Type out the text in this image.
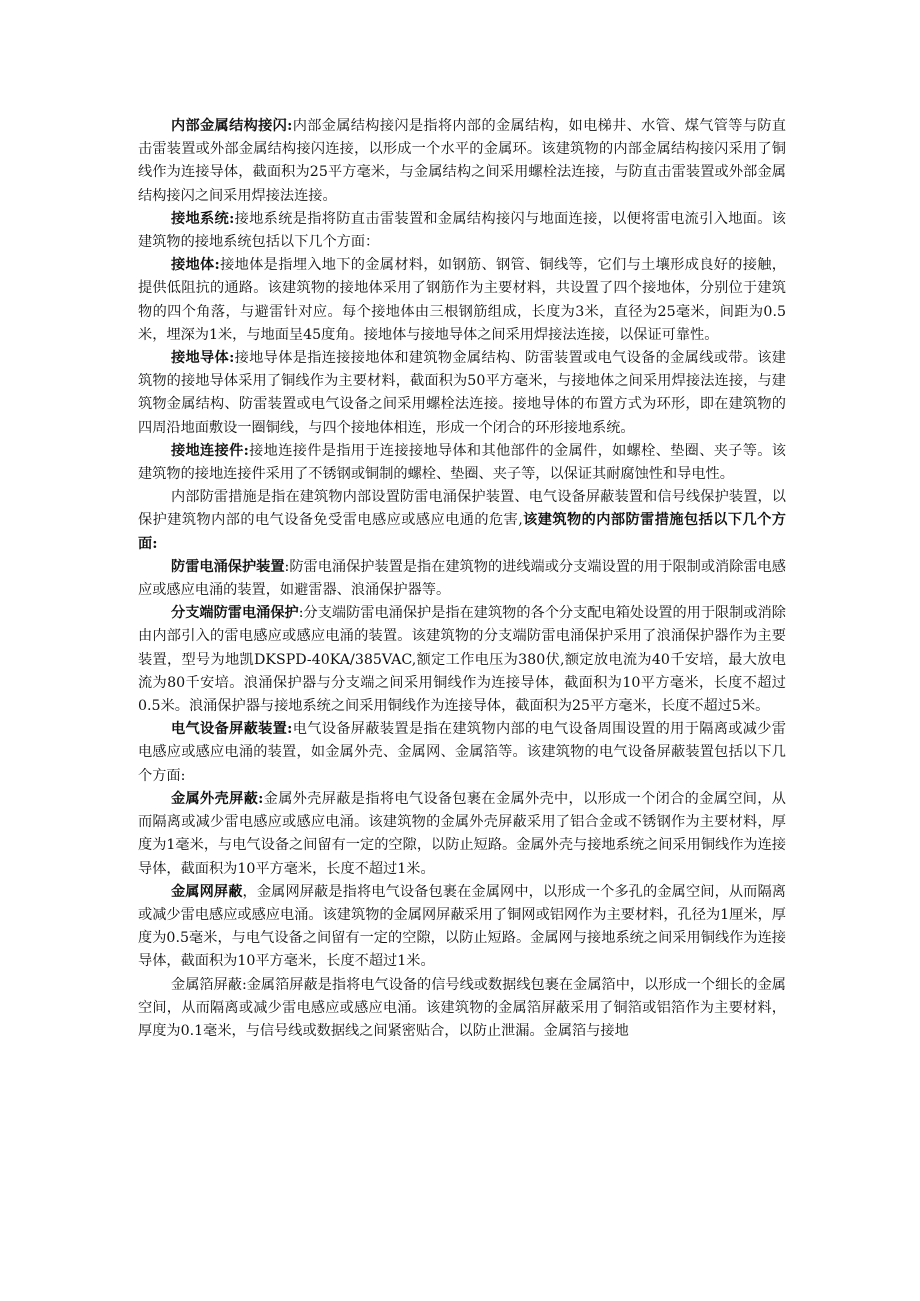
内部金属结构接闪:内部金属结构接闪是指将内部的金属结构，如电梯井、水管、煤气管等与防直击雷装置或外部金属结构接闪连接，以形成一个水平的金属环。该建筑物的内部金属结构接闪采用了铜线作为连接导体，截面积为25平方毫米，与金属结构之间采用螺栓法连接，与防直击雷装置或外部金属结构接闪之间采用焊接法连接。

接地系统:接地系统是指将防直击雷装置和金属结构接闪与地面连接，以便将雷电流引入地面。该建筑物的接地系统包括以下几个方面：

接地体:接地体是指埋入地下的金属材料，如钢筋、钢管、铜线等，它们与土壤形成良好的接触，提供低阻抗的通路。该建筑物的接地体采用了钢筋作为主要材料，共设置了四个接地体，分别位于建筑物的四个角落，与避雷针对应。每个接地体由三根钢筋组成，长度为3米，直径为25毫米，间距为0.5米，埋深为1米，与地面呈45度角。接地体与接地导体之间采用焊接法连接，以保证可靠性。

接地导体:接地导体是指连接接地体和建筑物金属结构、防雷装置或电气设备的金属线或带。该建筑物的接地导体采用了铜线作为主要材料，截面积为50平方毫米，与接地体之间采用焊接法连接，与建筑物金属结构、防雷装置或电气设备之间采用螺栓法连接。接地导体的布置方式为环形，即在建筑物的四周沿地面敷设一圈铜线，与四个接地体相连，形成一个闭合的环形接地系统。

接地连接件:接地连接件是指用于连接接地导体和其他部件的金属件，如螺栓、垫圈、夹子等。该建筑物的接地连接件采用了不锈钢或铜制的螺栓、垫圈、夹子等，以保证其耐腐蚀性和导电性。

内部防雷措施是指在建筑物内部设置防雷电涌保护装置、电气设备屏蔽装置和信号线保护装置，以保护建筑物内部的电气设备免受雷电感应或感应电通的危害,该建筑物的内部防雷措施包括以下几个方面:

防雷电涌保护装置:防雷电涌保护装置是指在建筑物的进线端或分支端设置的用于限制或消除雷电感应或感应电涌的装置，如避雷器、浪涌保护器等。

分支端防雷电涌保护:分支端防雷电涌保护是指在建筑物的各个分支配电箱处设置的用于限制或消除由内部引入的雷电感应或感应电涌的装置。该建筑物的分支端防雷电涌保护采用了浪涌保护器作为主要装置，型号为地凯DKSPD-40KA/385VAC,额定工作电压为380伏,额定放电流为40千安培，最大放电流为80千安培。浪涌保护器与分支端之间采用铜线作为连接导体，截面积为10平方毫米，长度不超过0.5米。浪涌保护器与接地系统之间采用铜线作为连接导体，截面积为25平方毫米，长度不超过5米。

电气设备屏蔽装置:电气设备屏蔽装置是指在建筑物内部的电气设备周围设置的用于隔离或减少雷电感应或感应电涌的装置，如金属外壳、金属网、金属箔等。该建筑物的电气设备屏蔽装置包括以下几个方面:

金属外壳屏蔽:金属外壳屏蔽是指将电气设备包裹在金属外壳中，以形成一个闭合的金属空间，从而隔离或减少雷电感应或感应电涌。该建筑物的金属外壳屏蔽采用了铝合金或不锈钢作为主要材料，厚度为1毫米，与电气设备之间留有一定的空隙，以防止短路。金属外壳与接地系统之间采用铜线作为连接导体，截面积为10平方毫米，长度不超过1米。

金属网屏蔽，金属网屏蔽是指将电气设备包裹在金属网中，以形成一个多孔的金属空间，从而隔离或减少雷电感应或感应电涌。该建筑物的金属网屏蔽采用了铜网或铝网作为主要材料，孔径为1厘米，厚度为0.5毫米，与电气设备之间留有一定的空隙，以防止短路。金属网与接地系统之间采用铜线作为连接导体，截面积为10平方毫米，长度不超过1米。

金属箔屏蔽:金属箔屏蔽是指将电气设备的信号线或数据线包裹在金属箔中，以形成一个细长的金属空间，从而隔离或减少雷电感应或感应电涌。该建筑物的金属箔屏蔽采用了铜箔或铝箔作为主要材料，厚度为0.1毫米，与信号线或数据线之间紧密贴合，以防止泄漏。金属箔与接地
